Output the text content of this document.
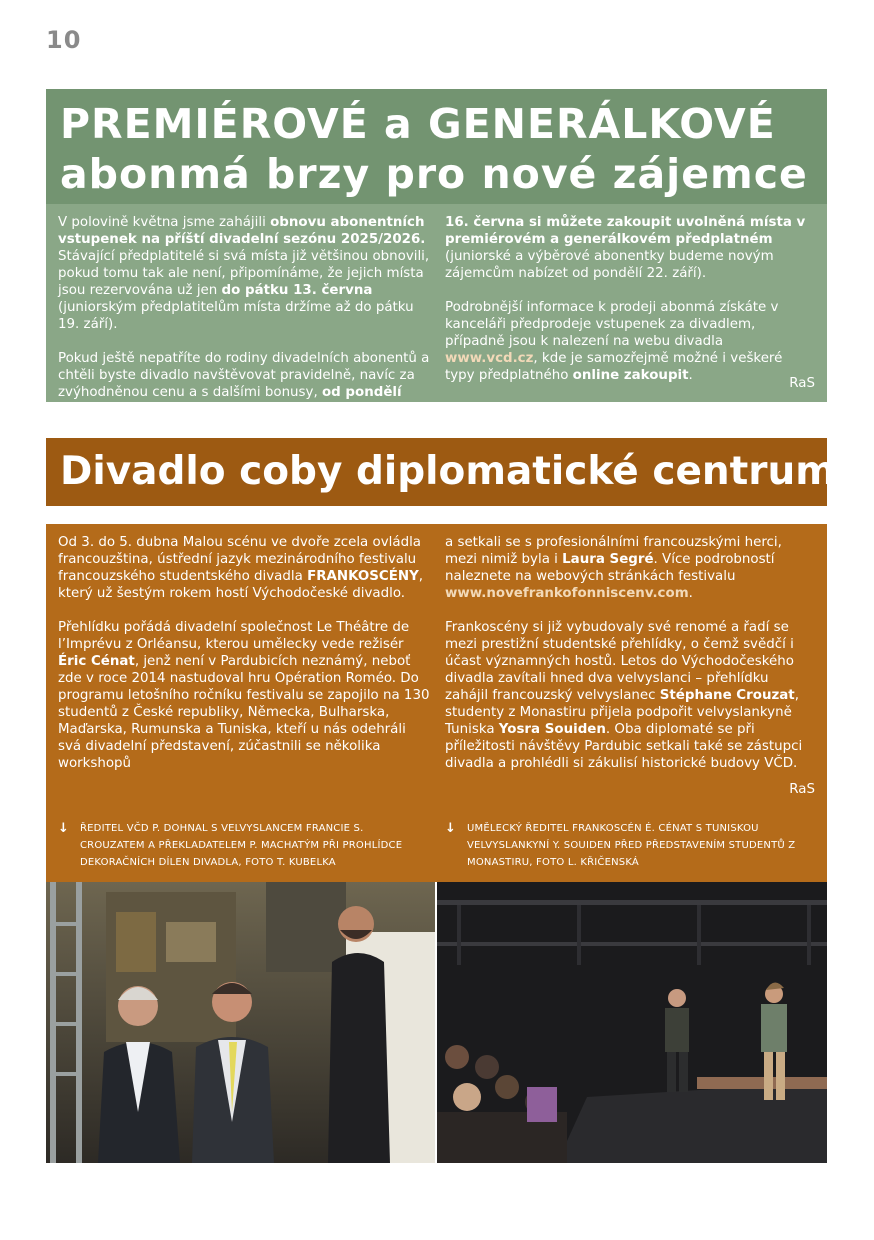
10
PREMIÉROVÉ a GENERÁLKOVÉ
abonmá brzy pro nové zájemce

V polovině května jsme zahájili obnovu abonentních vstupenek na příští divadelní sezónu 2025/2026. Stávající předplatitelé si svá místa již většinou obnovili, pokud tomu tak ale není, připomínáme, že jejich místa jsou rezervována už jen do pátku 13. června (juniorským předplatitelům místa držíme až do pátku 19. září).

Pokud ještě nepatříte do rodiny divadelních abonentů a chtěli byste divadlo navštěvovat pravidelně, navíc za zvýhodněnou cenu a s dalšími bonusy, od pondělí

16. června si můžete zakoupit uvolněná místa v premiérovém a generálkovém předplatném (juniorské a výběrové abonentky budeme novým zájemcům nabízet od pondělí 22. září).

Podrobnější informace k prodeji abonmá získáte v kanceláři předprodeje vstupenek za divadlem, případně jsou k nalezení na webu divadla www.vcd.cz, kde je samozřejmě možné i veškeré typy předplatného online zakoupit.

RaS
Divadlo coby diplomatické centrum

Od 3. do 5. dubna Malou scénu ve dvoře zcela ovládla francouzština, ústřední jazyk mezinárodního festivalu francouzského studentského divadla FRANKOSCÉNY, který už šestým rokem hostí Východočeské divadlo.

Přehlídku pořádá divadelní společnost Le Théâtre de l’Imprévu z Orléansu, kterou umělecky vede režisér Éric Cénat, jenž není v Pardubicích neznámý, neboť zde v roce 2014 nastudoval hru Opération Roméo. Do programu letošního ročníku festivalu se zapojilo na 130 studentů z České republiky, Německa, Bulharska, Maďarska, Rumunska a Tuniska, kteří u nás odehráli svá divadelní představení, zúčastnili se několika workshopů

a setkali se s profesionálními francouzskými herci, mezi nimiž byla i Laura Segré. Více podrobností naleznete na webových stránkách festivalu www.novefrankofonniscenv.com.

Frankoscény si již vybudovaly své renomé a řadí se mezi prestižní studentské přehlídky, o čemž svědčí i účast významných hostů. Letos do Východočeského divadla zavítali hned dva velvyslanci – přehlídku zahájil francouzský velvyslanec Stéphane Crouzat, studenty z Monastiru přijela podpořit velvyslankyně Tuniska Yosra Souiden. Oba diplomaté se při příležitosti návštěvy Pardubic setkali také se zástupci divadla a prohlédli si zákulisí historické budovy VČD.

RaS
↓ ŘEDITEL VČD P. DOHNAL S VELVYSLANCEM FRANCIE S. CROUZATEM A PŘEKLADATELEM P. MACHATÝM PŘI PROHLÍDCE DEKORAČNÍCH DÍLEN DIVADLA, FOTO T. KUBELKA
↓ UMĚLECKÝ ŘEDITEL FRANKOSCÉN É. CÉNAT S TUNISKOU VELVYSLANKYNÍ Y. SOUIDEN PŘED PŘEDSTAVENÍM STUDENTŮ Z MONASTIRU, FOTO L. KŘIČENSKÁ
